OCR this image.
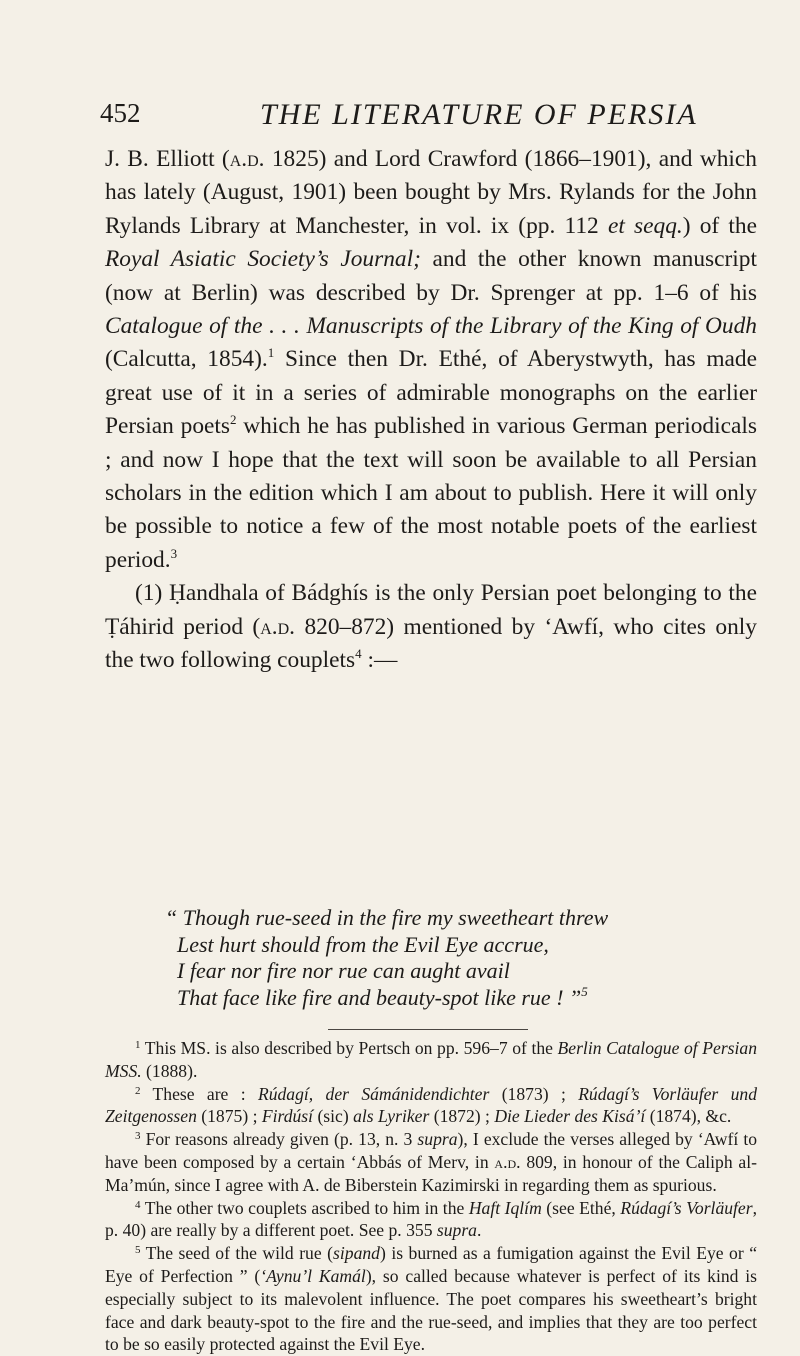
452	THE LITERATURE OF PERSIA

J. B. Elliott (a.d. 1825) and Lord Crawford (1866–1901), and which has lately (August, 1901) been bought by Mrs. Rylands for the John Rylands Library at Manchester, in vol. ix (pp. 112 et seqq.) of the Royal Asiatic Society’s Journal; and the other known manuscript (now at Berlin) was described by Dr. Sprenger at pp. 1–6 of his Catalogue of the . . . Manuscripts of the Library of the King of Oudh (Calcutta, 1854).$^1$ Since then Dr. Ethé, of Aberystwyth, has made great use of it in a series of admirable monographs on the earlier Persian poets$^2$ which he has published in various German periodicals ; and now I hope that the text will soon be available to all Persian scholars in the edition which I am about to publish. Here it will only be possible to notice a few of the most notable poets of the earliest period.$^3$

(1) Ḥandhala of Bádghís is the only Persian poet belonging to the Ṭáhirid period (a.d. 820–872) mentioned by ‘Awfí, who cites only the two following couplets$^4$ :—

“ Though rue-seed in the fire my sweetheart threw
Lest hurt should from the Evil Eye accrue,
I fear nor fire nor rue can aught avail
That face like fire and beauty-spot like rue ! ”$^5$

$^1$ This MS. is also described by Pertsch on pp. 596–7 of the Berlin Catalogue of Persian MSS. (1888).

$^2$ These are : Rúdagí, der Sámánidendichter (1873) ; Rúdagí’s Vorläufer und Zeitgenossen (1875) ; Firdúsí (sic) als Lyriker (1872) ; Die Lieder des Kisá’í (1874), &c.

$^3$ For reasons already given (p. 13, n. 3 supra), I exclude the verses alleged by ‘Awfí to have been composed by a certain ‘Abbás of Merv, in a.d. 809, in honour of the Caliph al-Ma’mún, since I agree with A. de Biberstein Kazimirski in regarding them as spurious.

$^4$ The other two couplets ascribed to him in the Haft Iqlím (see Ethé, Rúdagí’s Vorläufer, p. 40) are really by a different poet. See p. 355 supra.

$^5$ The seed of the wild rue (sipand) is burned as a fumigation against the Evil Eye or “ Eye of Perfection ” (‘Aynu’l Kamál), so called because whatever is perfect of its kind is especially subject to its malevolent influence. The poet compares his sweetheart’s bright face and dark beauty-spot to the fire and the rue-seed, and implies that they are too perfect to be so easily protected against the Evil Eye.
